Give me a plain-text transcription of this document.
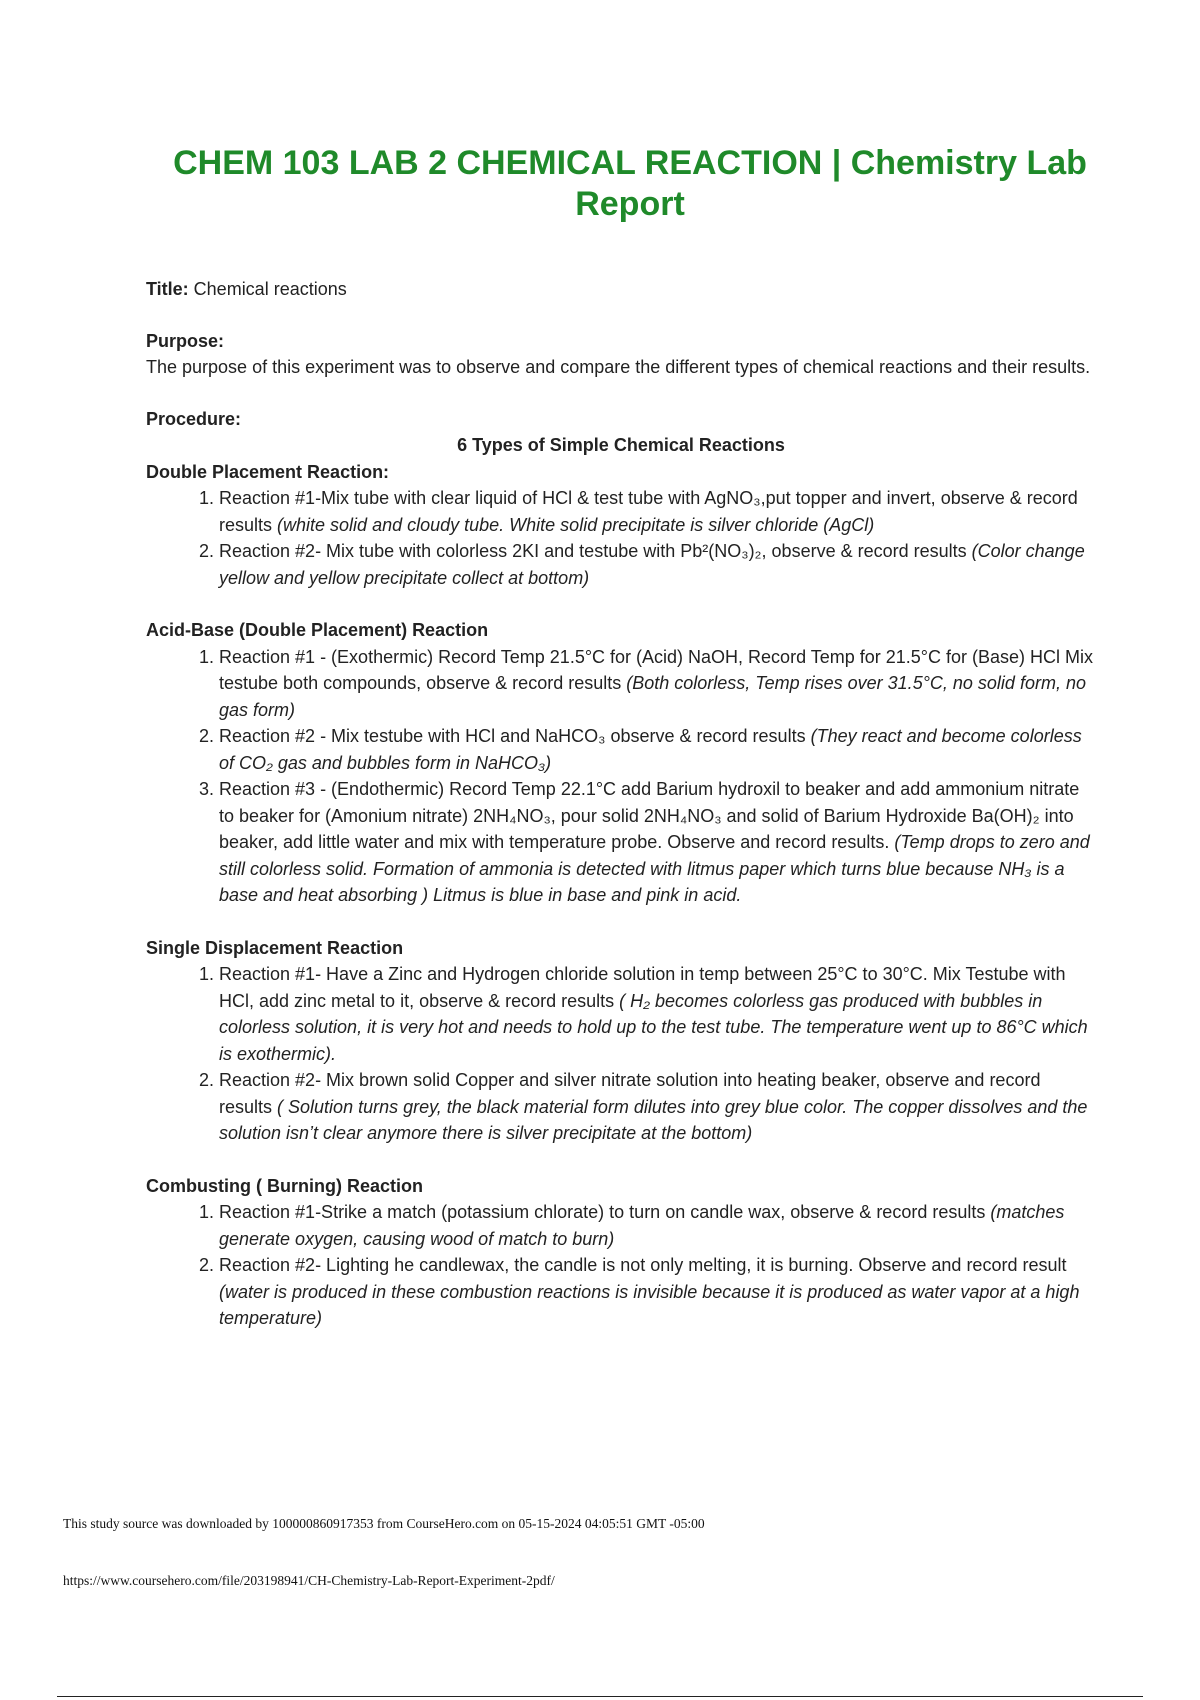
CHEM 103 LAB 2 CHEMICAL REACTION | Chemistry Lab Report

Title: Chemical reactions

Purpose:

The purpose of this experiment was to observe and compare the different types of chemical reactions and their results.

Procedure:

6 Types of Simple Chemical Reactions

Double Placement Reaction:

1. Reaction #1-Mix tube with clear liquid of HCl & test tube with AgNO₃,put topper and invert, observe & record results (white solid and cloudy tube. White solid precipitate is silver chloride (AgCl)
2. Reaction #2- Mix tube with colorless 2KI and testube with Pb²(NO₃)₂, observe & record results (Color change yellow and yellow precipitate collect at bottom)

Acid-Base (Double Placement) Reaction

1. Reaction #1 - (Exothermic) Record Temp 21.5°C for (Acid) NaOH, Record Temp for 21.5°C for (Base) HCl Mix testube both compounds, observe & record results (Both colorless, Temp rises over 31.5°C, no solid form, no gas form)
2. Reaction #2 - Mix testube with HCl and NaHCO₃ observe & record results (They react and become colorless of CO₂ gas and bubbles form in NaHCO₃)
3. Reaction #3 - (Endothermic) Record Temp 22.1°C add Barium hydroxil to beaker and add ammonium nitrate to beaker for (Amonium nitrate) 2NH₄NO₃, pour solid 2NH₄NO₃ and solid of Barium Hydroxide Ba(OH)₂ into beaker, add little water and mix with temperature probe. Observe and record results. (Temp drops to zero and still colorless solid. Formation of ammonia is detected with litmus paper which turns blue because NH₃ is a base and heat absorbing ) Litmus is blue in base and pink in acid.

Single Displacement Reaction

1. Reaction #1- Have a Zinc and Hydrogen chloride solution in temp between 25°C to 30°C. Mix Testube with HCl, add zinc metal to it, observe & record results ( H₂ becomes colorless gas produced with bubbles in colorless solution, it is very hot and needs to hold up to the test tube. The temperature went up to 86°C which is exothermic).
2. Reaction #2- Mix brown solid Copper and silver nitrate solution into heating beaker, observe and record results ( Solution turns grey, the black material form dilutes into grey blue color. The copper dissolves and the solution isn’t clear anymore there is silver precipitate at the bottom)

Combusting ( Burning) Reaction

1. Reaction #1-Strike a match (potassium chlorate) to turn on candle wax, observe & record results (matches generate oxygen, causing wood of match to burn)
2. Reaction #2- Lighting he candlewax, the candle is not only melting, it is burning. Observe and record result (water is produced in these combustion reactions is invisible because it is produced as water vapor at a high temperature)

This study source was downloaded by 100000860917353 from CourseHero.com on 05-15-2024 04:05:51 GMT -05:00

https://www.coursehero.com/file/203198941/CH-Chemistry-Lab-Report-Experiment-2pdf/
